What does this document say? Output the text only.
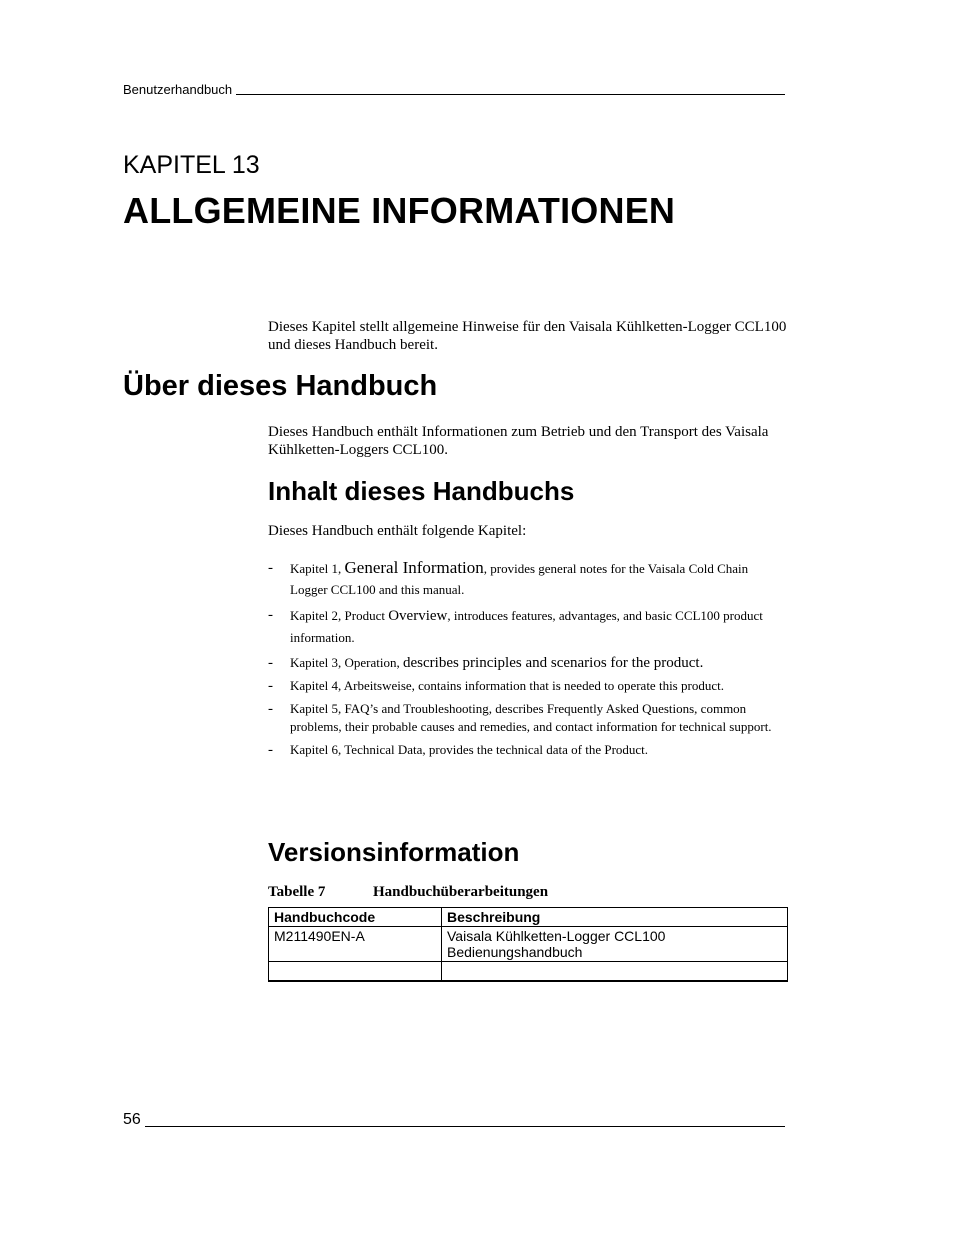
Benutzerhandbuch
KAPITEL 13
ALLGEMEINE INFORMATIONEN

Dieses Kapitel stellt allgemeine Hinweise für den Vaisala Kühlketten-Logger CCL100 und dieses Handbuch bereit.

Über dieses Handbuch

Dieses Handbuch enthält Informationen zum Betrieb und den Transport des Vaisala Kühlketten-Loggers CCL100.

Inhalt dieses Handbuchs

Dieses Handbuch enthält folgende Kapitel:

- Kapitel 1, General Information, provides general notes for the Vaisala Cold Chain Logger CCL100 and this manual.
- Kapitel 2, Product Overview, introduces features, advantages, and basic CCL100 product information.
- Kapitel 3, Operation, describes principles and scenarios for the product.
- Kapitel 4, Arbeitsweise, contains information that is needed to operate this product.
- Kapitel 5, FAQ’s and Troubleshooting, describes Frequently Asked Questions, common problems, their probable causes and remedies, and contact information for technical support.
- Kapitel 6, Technical Data, provides the technical data of the Product.
Versionsinformation
Tabelle 7	Handbuchüberarbeitungen
Handbuchcode	Beschreibung
M211490EN-A	Vaisala Kühlketten-Logger CCL100 Bedienungshandbuch

56
